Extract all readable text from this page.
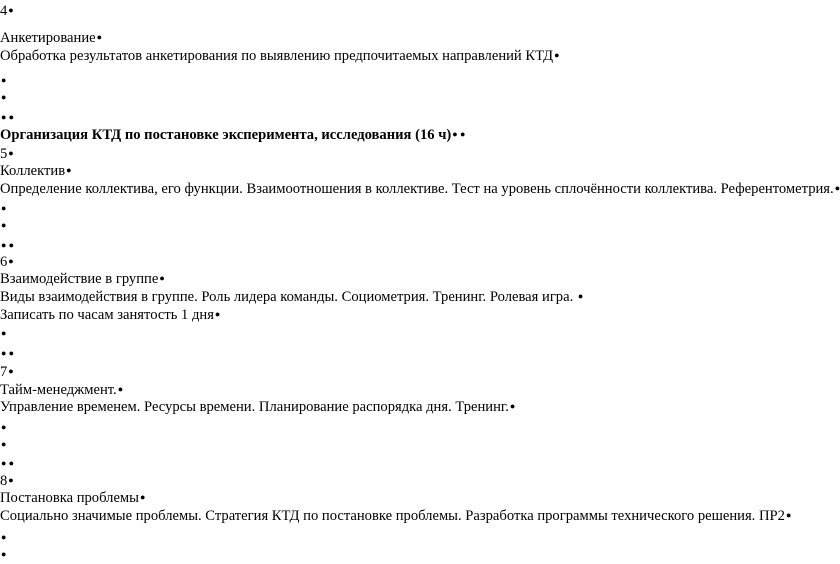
4●
Анкетирование●
Обработка результатов анкетирования по выявлению предпочитаемых направлений КТД●
●
●
● ●
Организация КТД по постановке эксперимента, исследования (16 ч)● ●
5●
Коллектив●
Определение коллектива, его функции. Взаимоотношения в коллективе. Тест на уровень сплочённости коллектива. Референтометрия.●
●
●
● ●
6●
Взаимодействие в группе●
Виды взаимодействия в группе. Роль лидера команды. Социометрия. Тренинг. Ролевая игра. ●
Записать по часам занятость 1 дня●
●
● ●
7●
Тайм-менеджмент.●
Управление временем. Ресурсы времени. Планирование распорядка дня. Тренинг.●
●
●
● ●
8●
Постановка проблемы●
Социально значимые проблемы. Стратегия КТД по постановке проблемы. Разработка программы технического решения. ПР2●
●
●
